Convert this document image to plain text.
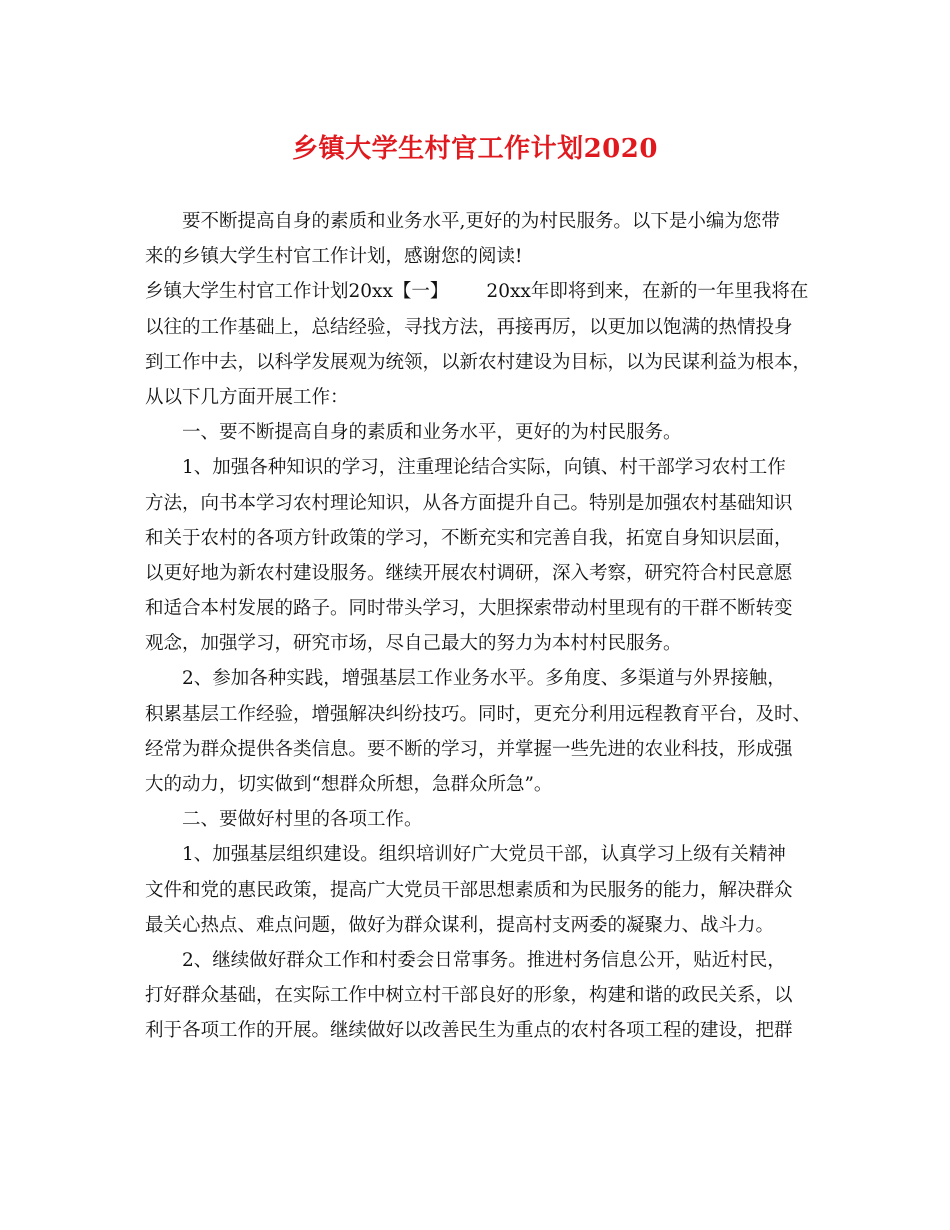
乡镇大学生村官工作计划2020
要不断提高自身的素质和业务水平,更好的为村民服务。以下是小编为您带
来的乡镇大学生村官工作计划，感谢您的阅读!
乡镇大学生村官工作计划20xx【一】 20xx年即将到来，在新的一年里我将在
以往的工作基础上，总结经验，寻找方法，再接再厉，以更加以饱满的热情投身
到工作中去，以科学发展观为统领，以新农村建设为目标，以为民谋利益为根本，
从以下几方面开展工作：
一、要不断提高自身的素质和业务水平，更好的为村民服务。
1、加强各种知识的学习，注重理论结合实际，向镇、村干部学习农村工作
方法，向书本学习农村理论知识，从各方面提升自己。特别是加强农村基础知识
和关于农村的各项方针政策的学习，不断充实和完善自我，拓宽自身知识层面，
以更好地为新农村建设服务。继续开展农村调研，深入考察，研究符合村民意愿
和适合本村发展的路子。同时带头学习，大胆探索带动村里现有的干群不断转变
观念，加强学习，研究市场，尽自己最大的努力为本村村民服务。
2、参加各种实践，增强基层工作业务水平。多角度、多渠道与外界接触，
积累基层工作经验，增强解决纠纷技巧。同时，更充分利用远程教育平台，及时、
经常为群众提供各类信息。要不断的学习，并掌握一些先进的农业科技，形成强
大的动力，切实做到“想群众所想，急群众所急”。
二、要做好村里的各项工作。
1、加强基层组织建设。组织培训好广大党员干部，认真学习上级有关精神
文件和党的惠民政策，提高广大党员干部思想素质和为民服务的能力，解决群众
最关心热点、难点问题，做好为群众谋利，提高村支两委的凝聚力、战斗力。
2、继续做好群众工作和村委会日常事务。推进村务信息公开，贴近村民，
打好群众基础，在实际工作中树立村干部良好的形象，构建和谐的政民关系，以
利于各项工作的开展。继续做好以改善民生为重点的农村各项工程的建设，把群
